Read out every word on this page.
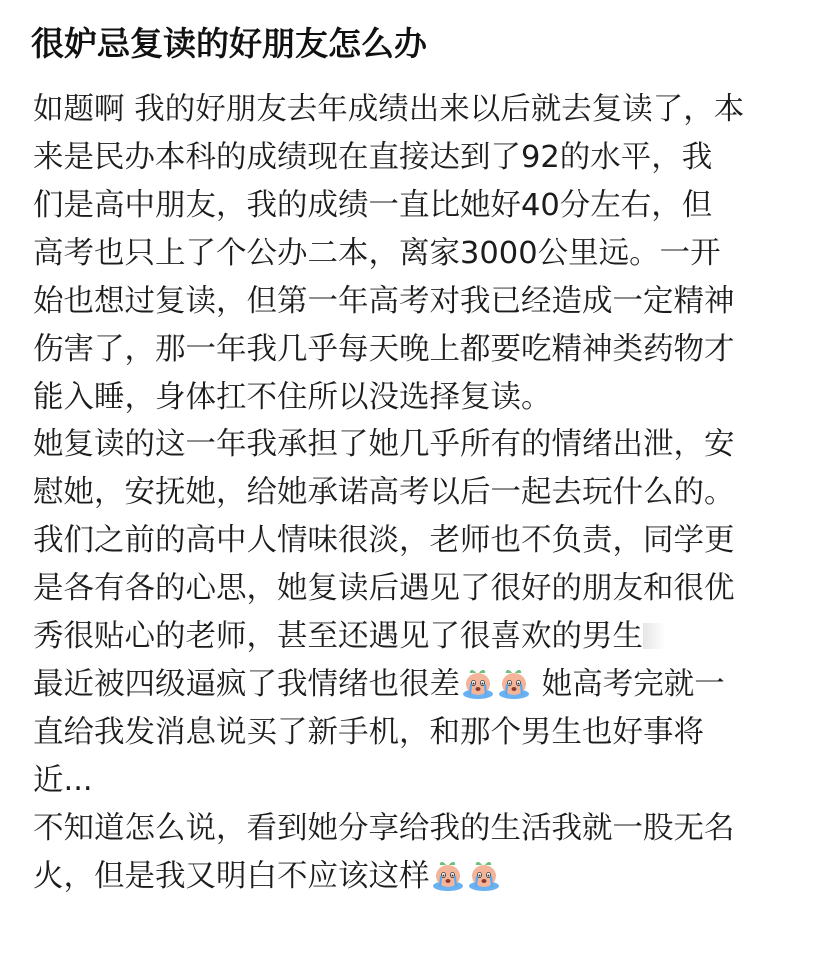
很妒忌复读的好朋友怎么办
如题啊 我的好朋友去年成绩出来以后就去复读了，本
来是民办本科的成绩现在直接达到了92的水平，我
们是高中朋友，我的成绩一直比她好40分左右，但
高考也只上了个公办二本，离家3000公里远。一开
始也想过复读，但第一年高考对我已经造成一定精神
伤害了，那一年我几乎每天晚上都要吃精神类药物才
能入睡，身体扛不住所以没选择复读。
她复读的这一年我承担了她几乎所有的情绪出泄，安
慰她，安抚她，给她承诺高考以后一起去玩什么的。
我们之前的高中人情味很淡，老师也不负责，同学更
是各有各的心思，她复读后遇见了很好的朋友和很优
秀很贴心的老师，甚至还遇见了很喜欢的男生
最近被四级逼疯了我情绪也很差	她高考完就一
直给我发消息说买了新手机，和那个男生也好事将
近...
不知道怎么说，看到她分享给我的生活我就一股无名
火，但是我又明白不应该这样
